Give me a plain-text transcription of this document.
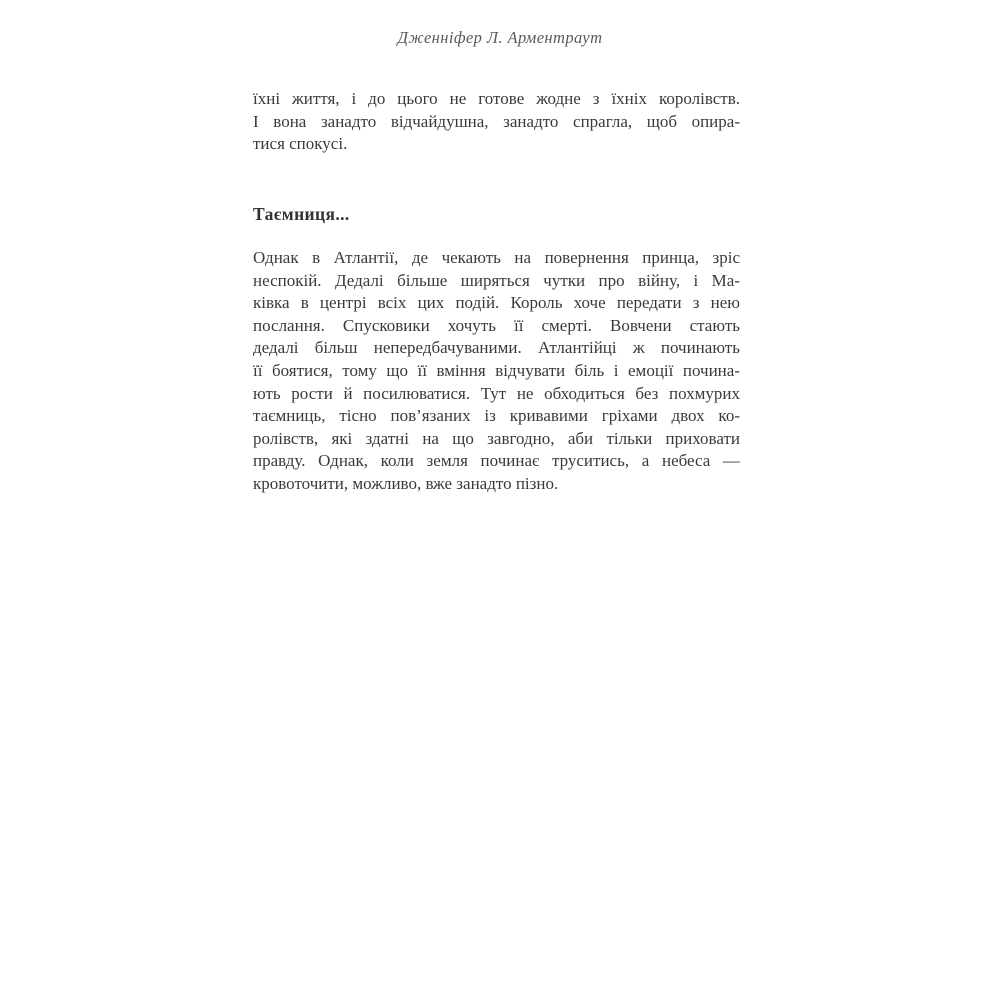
Дженніфер Л. Арментраут
їхні життя, і до цього не готове жодне з їхніх королівств.
І вона занадто відчайдушна, занадто спрагла, щоб опира-
тися спокусі.
Таємниця...
Однак в Атлантії, де чекають на повернення принца, зріс
неспокій. Дедалі більше ширяться чутки про війну, і Ма-
ківка в центрі всіх цих подій. Король хоче передати з нею
послання. Спусковики хочуть її смерті. Вовчени стають
дедалі більш непередбачуваними. Атлантійці ж починають
її боятися, тому що її вміння відчувати біль і емоції почина-
ють рости й посилюватися. Тут не обходиться без похмурих
таємниць, тісно пов’язаних із кривавими гріхами двох ко-
ролівств, які здатні на що завгодно, аби тільки приховати
правду. Однак, коли земля починає труситись, а небеса —
кровоточити, можливо, вже занадто пізно.
